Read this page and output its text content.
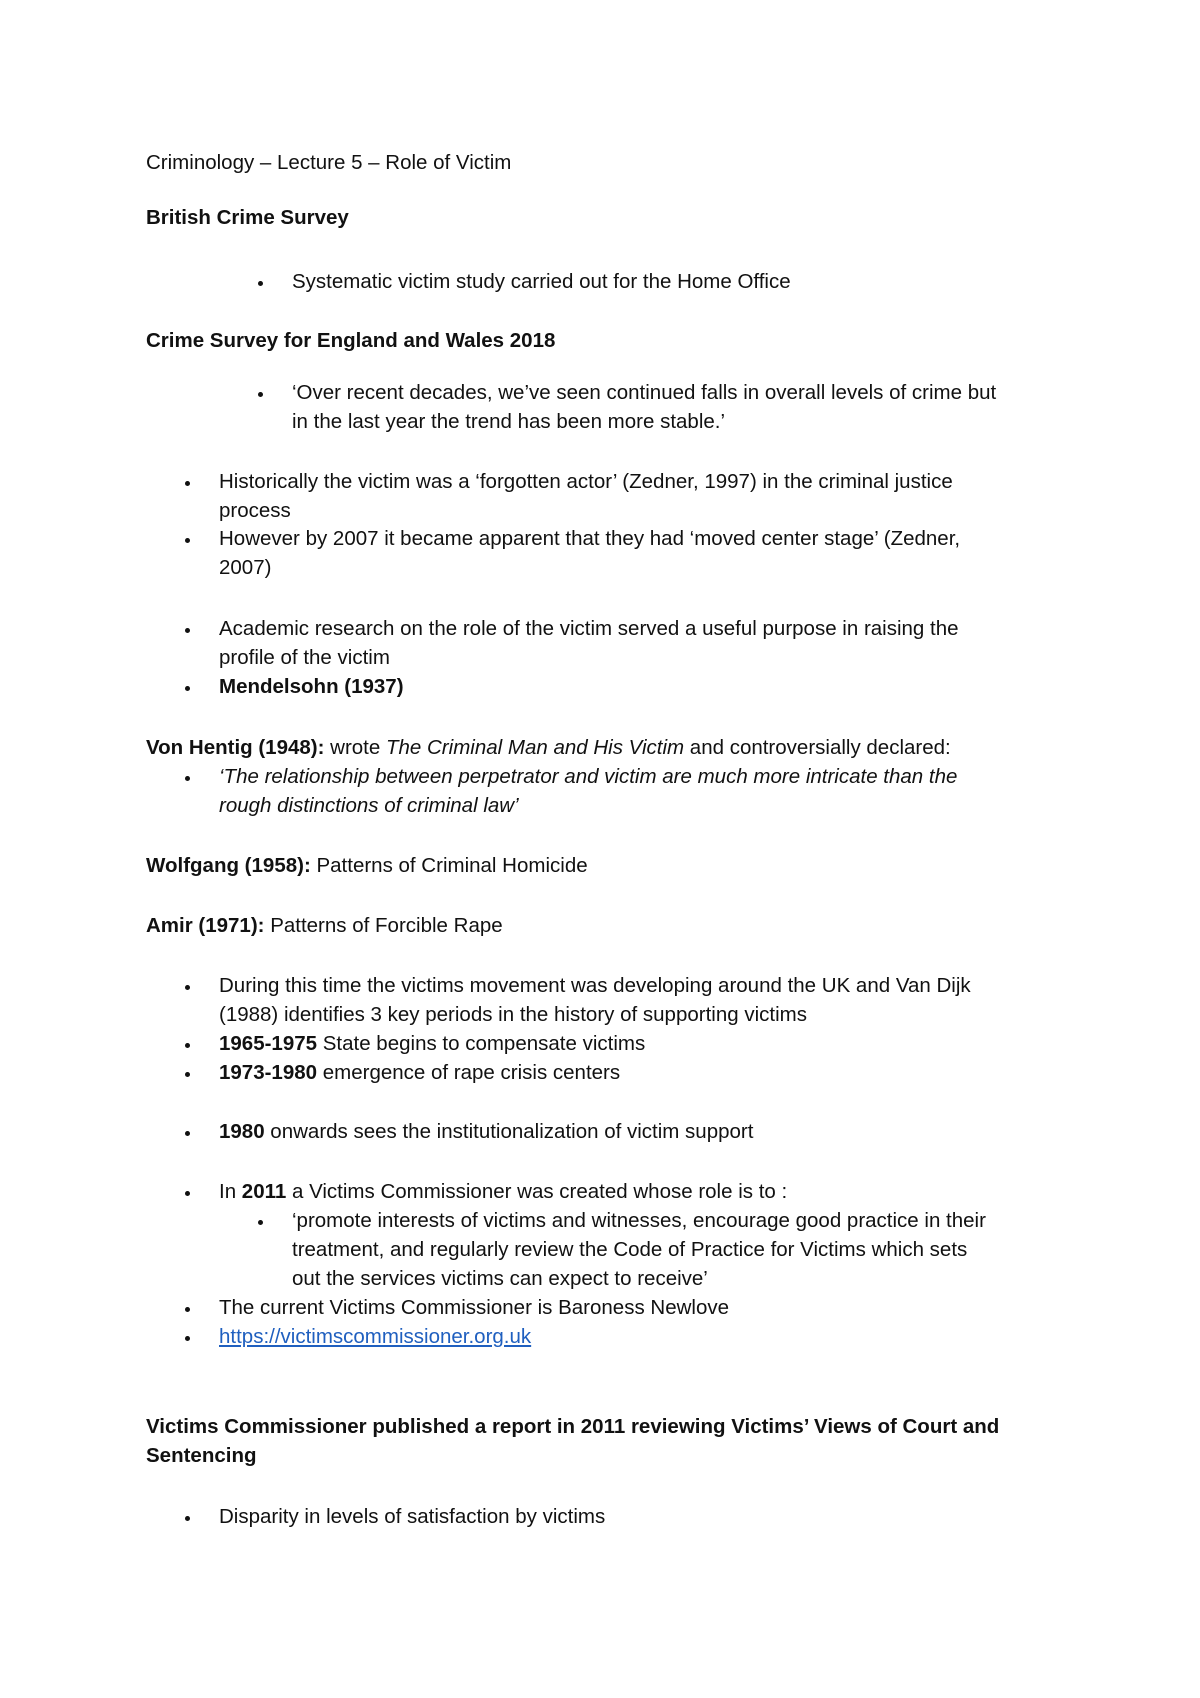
Criminology – Lecture 5 – Role of Victim
British Crime Survey
Systematic victim study carried out for the Home Office
Crime Survey for England and Wales 2018
‘Over recent decades, we’ve seen continued falls in overall levels of crime but
in the last year the trend has been more stable.’
Historically the victim was a ‘forgotten actor’ (Zedner, 1997) in the criminal justice
process
However by 2007 it became apparent that they had ‘moved center stage’ (Zedner,
2007)
Academic research on the role of the victim served a useful purpose in raising the
profile of the victim
Mendelsohn (1937)
Von Hentig (1948): wrote The Criminal Man and His Victim and controversially declared:
‘The relationship between perpetrator and victim are much more intricate than the
rough distinctions of criminal law’
Wolfgang (1958): Patterns of Criminal Homicide
Amir (1971): Patterns of Forcible Rape
During this time the victims movement was developing around the UK and Van Dijk
(1988) identifies 3 key periods in the history of supporting victims
1965-1975 State begins to compensate victims
1973-1980 emergence of rape crisis centers
1980 onwards sees the institutionalization of victim support
In 2011 a Victims Commissioner was created whose role is to :
‘promote interests of victims and witnesses, encourage good practice in their
treatment, and regularly review the Code of Practice for Victims which sets
out the services victims can expect to receive’
The current Victims Commissioner is Baroness Newlove
https://victimscommissioner.org.uk
Victims Commissioner published a report in 2011 reviewing Victims’ Views of Court and
Sentencing
Disparity in levels of satisfaction by victims
